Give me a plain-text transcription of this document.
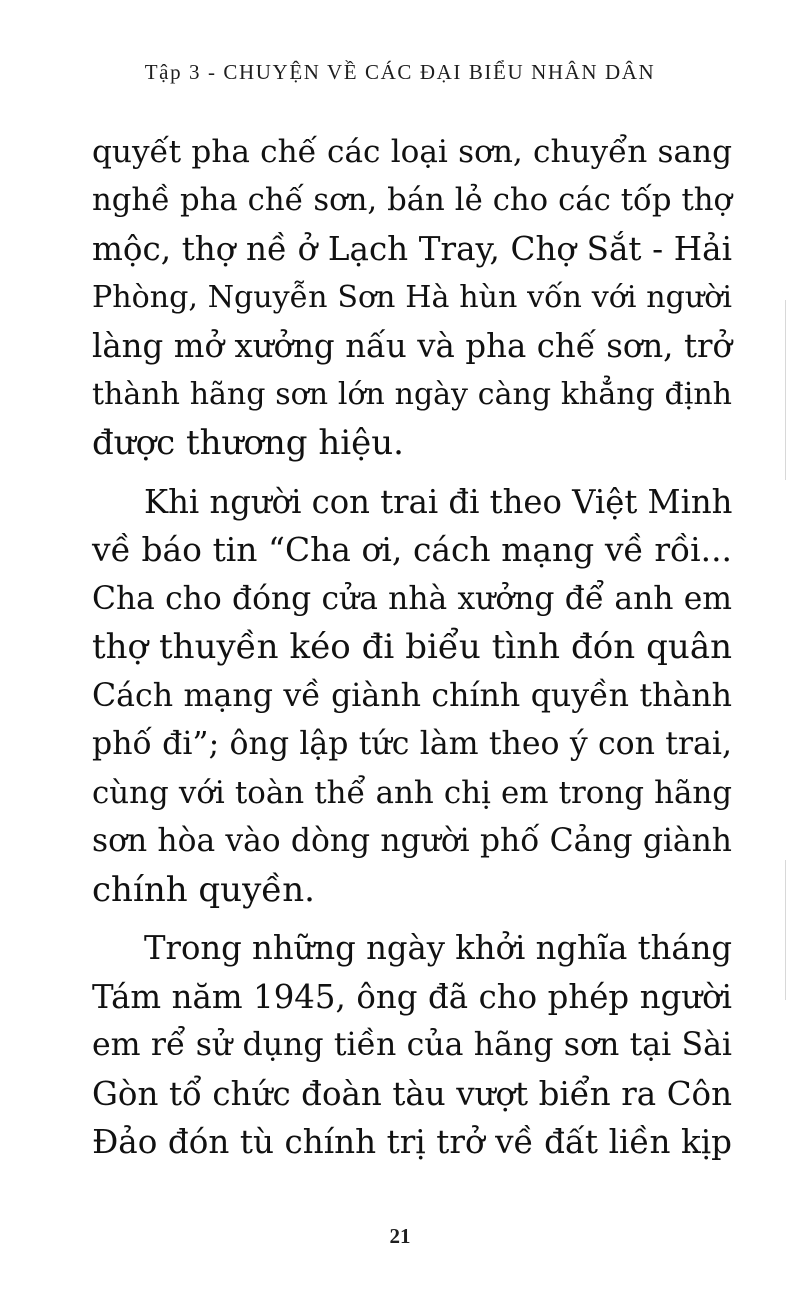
Tập 3 - CHUYỆN VỀ CÁC ĐẠI BIỂU NHÂN DÂN
quyết pha chế các loại sơn, chuyển sang
nghề pha chế sơn, bán lẻ cho các tốp thợ
mộc, thợ nề ở Lạch Tray, Chợ Sắt - Hải
Phòng, Nguyễn Sơn Hà hùn vốn với người
làng mở xưởng nấu và pha chế sơn, trở
thành hãng sơn lớn ngày càng khẳng định
được thương hiệu.
Khi người con trai đi theo Việt Minh
về báo tin “Cha ơi, cách mạng về rồi...
Cha cho đóng cửa nhà xưởng để anh em
thợ thuyền kéo đi biểu tình đón quân
Cách mạng về giành chính quyền thành
phố đi”; ông lập tức làm theo ý con trai,
cùng với toàn thể anh chị em trong hãng
sơn hòa vào dòng người phố Cảng giành
chính quyền.
Trong những ngày khởi nghĩa tháng
Tám năm 1945, ông đã cho phép người
em rể sử dụng tiền của hãng sơn tại Sài
Gòn tổ chức đoàn tàu vượt biển ra Côn
Đảo đón tù chính trị trở về đất liền kịp
21
